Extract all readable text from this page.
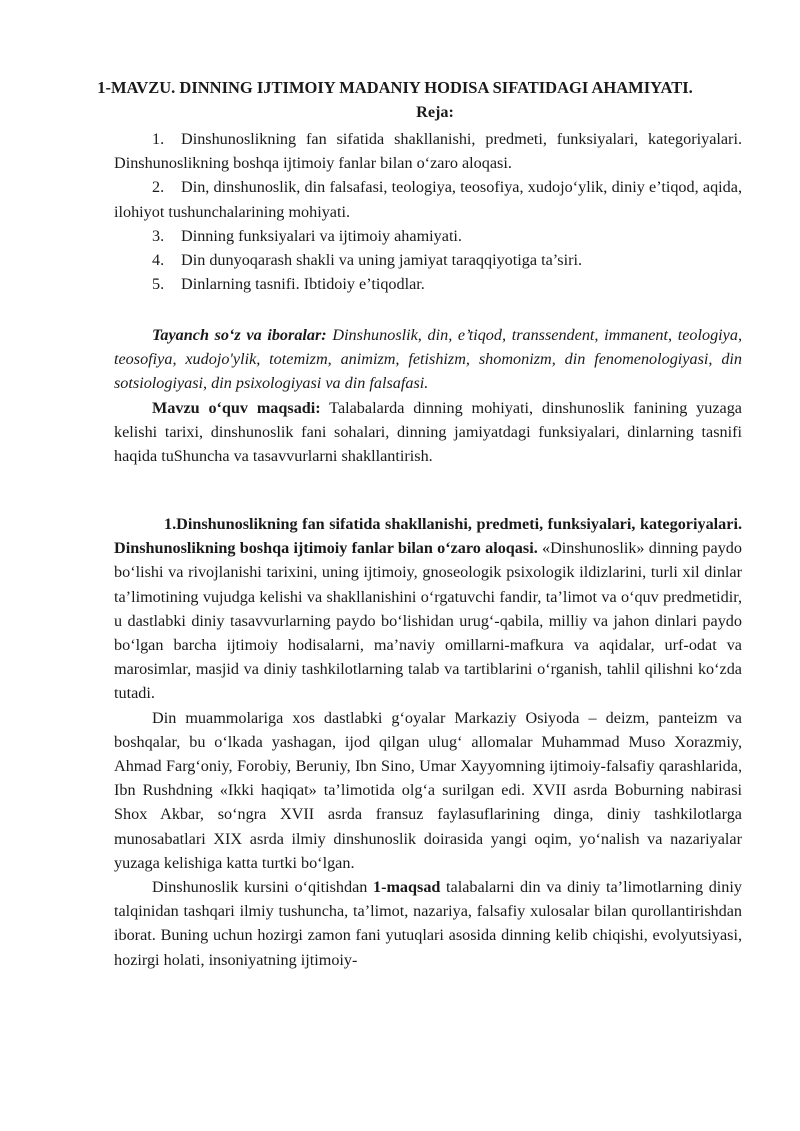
1-MAVZU. DINNING IJTIMOIY MADANIY HODISA SIFATIDAGI AHAMIYATI.
Reja:

1. Dinshunoslikning fan sifatida shakllanishi, predmeti, funksiyalari, kategoriyalari. Dinshunoslikning boshqa ijtimoiy fanlar bilan o‘zaro aloqasi.

2. Din, dinshunoslik, din falsafasi, teologiya, teosofiya, xudojo‘ylik, diniy e’tiqod, aqida, ilohiyot tushunchalarining mohiyati.

3. Dinning funksiyalari va ijtimoiy ahamiyati.

4. Din dunyoqarash shakli va uning jamiyat taraqqiyotiga ta’siri.

5. Dinlarning tasnifi. Ibtidoiy e’tiqodlar.

Tayanch so‘z va iboralar: Dinshunoslik, din, e’tiqod, transsendent, immanent, teologiya, teosofiya, xudojo'ylik, totemizm, animizm, fetishizm, shomonizm, din fenomenologiyasi, din sotsiologiyasi, din psixologiyasi va din falsafasi.

Mavzu o‘quv maqsadi: Talabalarda dinning mohiyati, dinshunoslik fanining yuzaga kelishi tarixi, dinshunoslik fani sohalari, dinning jamiyatdagi funksiyalari, dinlarning tasnifi haqida tuShuncha va tasavvurlarni shakllantirish.

1.Dinshunoslikning fan sifatida shakllanishi, predmeti, funksiyalari, kategoriyalari. Dinshunoslikning boshqa ijtimoiy fanlar bilan o‘zaro aloqasi. «Dinshunoslik» dinning paydo bo‘lishi va rivojlanishi tarixini, uning ijtimoiy, gnoseologik psixologik ildizlarini, turli xil dinlar ta’limotining vujudga kelishi va shakllanishini o‘rgatuvchi fandir, ta’limot va o‘quv predmetidir, u dastlabki diniy tasavvurlarning paydo bo‘lishidan urug‘-qabila, milliy va jahon dinlari paydo bo‘lgan barcha ijtimoiy hodisalarni, ma’naviy omillarni-mafkura va aqidalar, urf-odat va marosimlar, masjid va diniy tashkilotlarning talab va tartiblarini o‘rganish, tahlil qilishni ko‘zda tutadi.

Din muammolariga xos dastlabki g‘oyalar Markaziy Osiyoda – deizm, panteizm va boshqalar, bu o‘lkada yashagan, ijod qilgan ulug‘ allomalar Muhammad Muso Xorazmiy, Ahmad Farg‘oniy, Forobiy, Beruniy, Ibn Sino, Umar Xayyomning ijtimoiy-falsafiy qarashlarida, Ibn Rushdning «Ikki haqiqat» ta’limotida olg‘a surilgan edi. XVII asrda Boburning nabirasi Shox Akbar, so‘ngra XVII asrda fransuz faylasuflarining dinga, diniy tashkilotlarga munosabatlari XIX asrda ilmiy dinshunoslik doirasida yangi oqim, yo‘nalish va nazariyalar yuzaga kelishiga katta turtki bo‘lgan.

Dinshunoslik kursini o‘qitishdan 1-maqsad talabalarni din va diniy ta’limotlarning diniy talqinidan tashqari ilmiy tushuncha, ta’limot, nazariya, falsafiy xulosalar bilan qurollantirishdan iborat. Buning uchun hozirgi zamon fani yutuqlari asosida dinning kelib chiqishi, evolyutsiyasi, hozirgi holati, insoniyatning ijtimoiy-
